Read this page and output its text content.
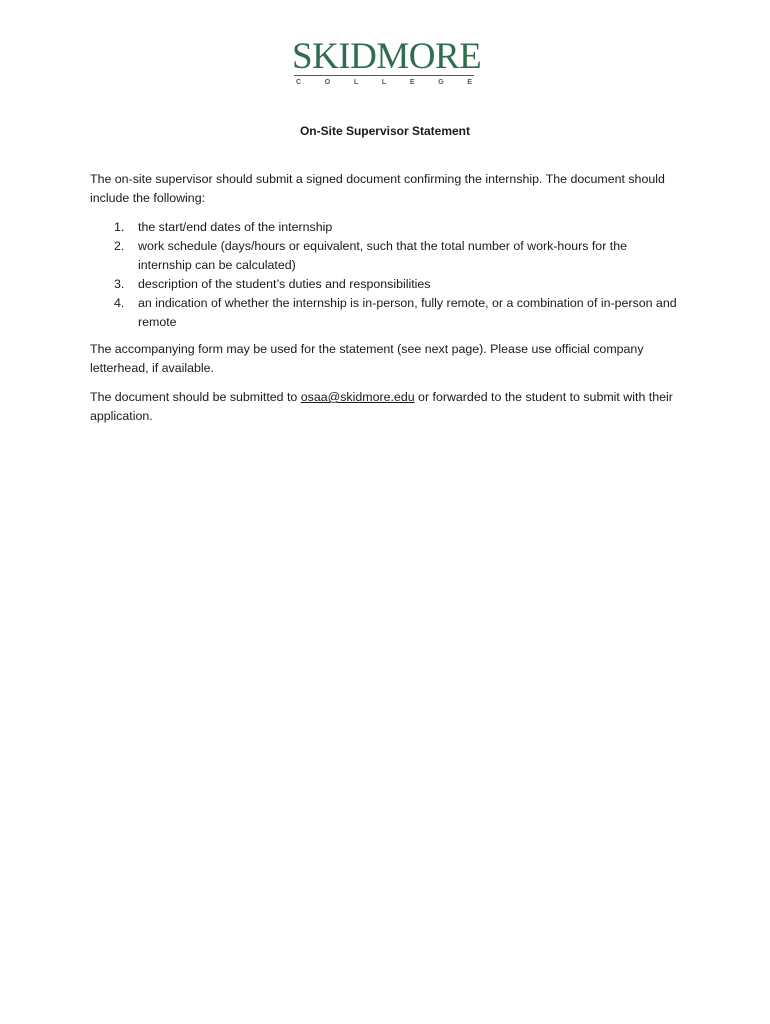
SKIDMORE
C	O	L	L	E	G	E
On-Site Supervisor Statement

The on-site supervisor should submit a signed document confirming the internship. The document should include the following:

1. the start/end dates of the internship
2. work schedule (days/hours or equivalent, such that the total number of work-hours for the internship can be calculated)
3. description of the student’s duties and responsibilities
4. an indication of whether the internship is in-person, fully remote, or a combination of in-person and remote

The accompanying form may be used for the statement (see next page). Please use official company letterhead, if available.

The document should be submitted to osaa@skidmore.edu or forwarded to the student to submit with their application.
